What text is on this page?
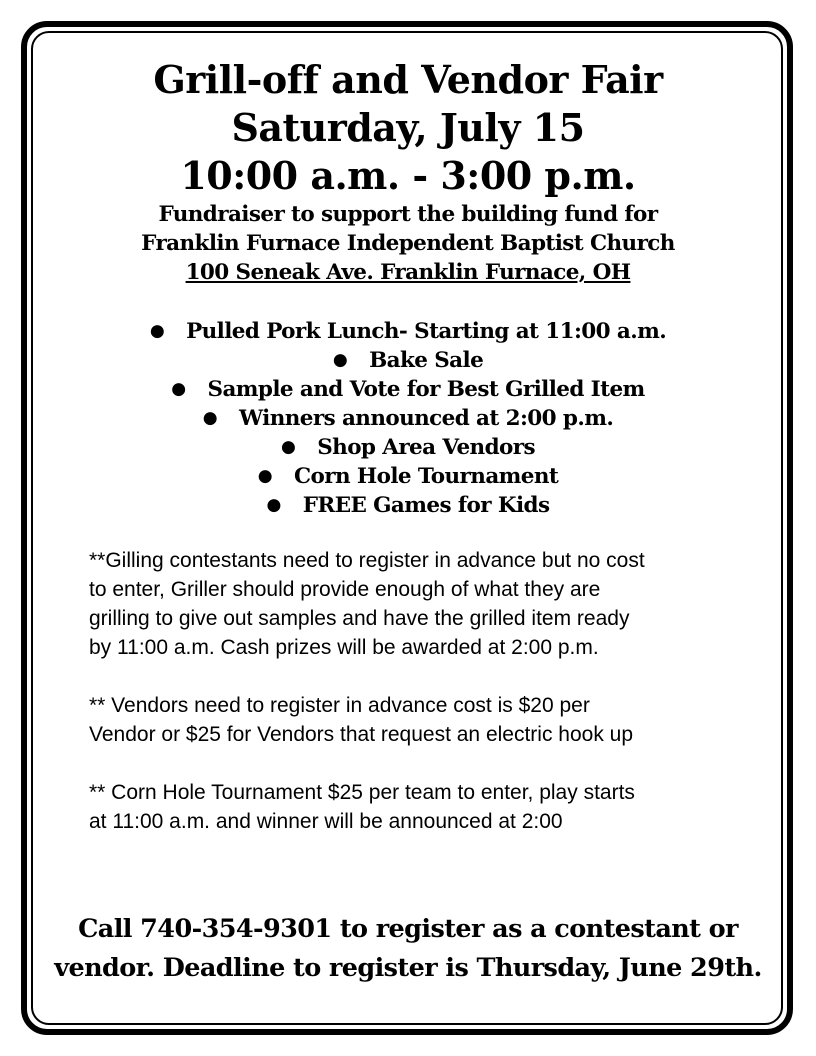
Grill-off and Vendor Fair

Saturday, July 15

10:00 a.m. - 3:00 p.m.

Fundraiser to support the building fund for

Franklin Furnace Independent Baptist Church

100 Seneak Ave. Franklin Furnace, OH

● Pulled Pork Lunch- Starting at 11:00 a.m.
● Bake Sale
● Sample and Vote for Best Grilled Item
● Winners announced at 2:00 p.m.
● Shop Area Vendors
● Corn Hole Tournament
● FREE Games for Kids

**Gilling contestants need to register in advance but no cost
to enter, Griller should provide enough of what they are
grilling to give out samples and have the grilled item ready
by 11:00 a.m. Cash prizes will be awarded at 2:00 p.m.

** Vendors need to register in advance cost is $20 per
Vendor or $25 for Vendors that request an electric hook up

** Corn Hole Tournament $25 per team to enter, play starts
at 11:00 a.m. and winner will be announced at 2:00

Call 740-354-9301 to register as a contestant or
vendor. Deadline to register is Thursday, June 29th.
